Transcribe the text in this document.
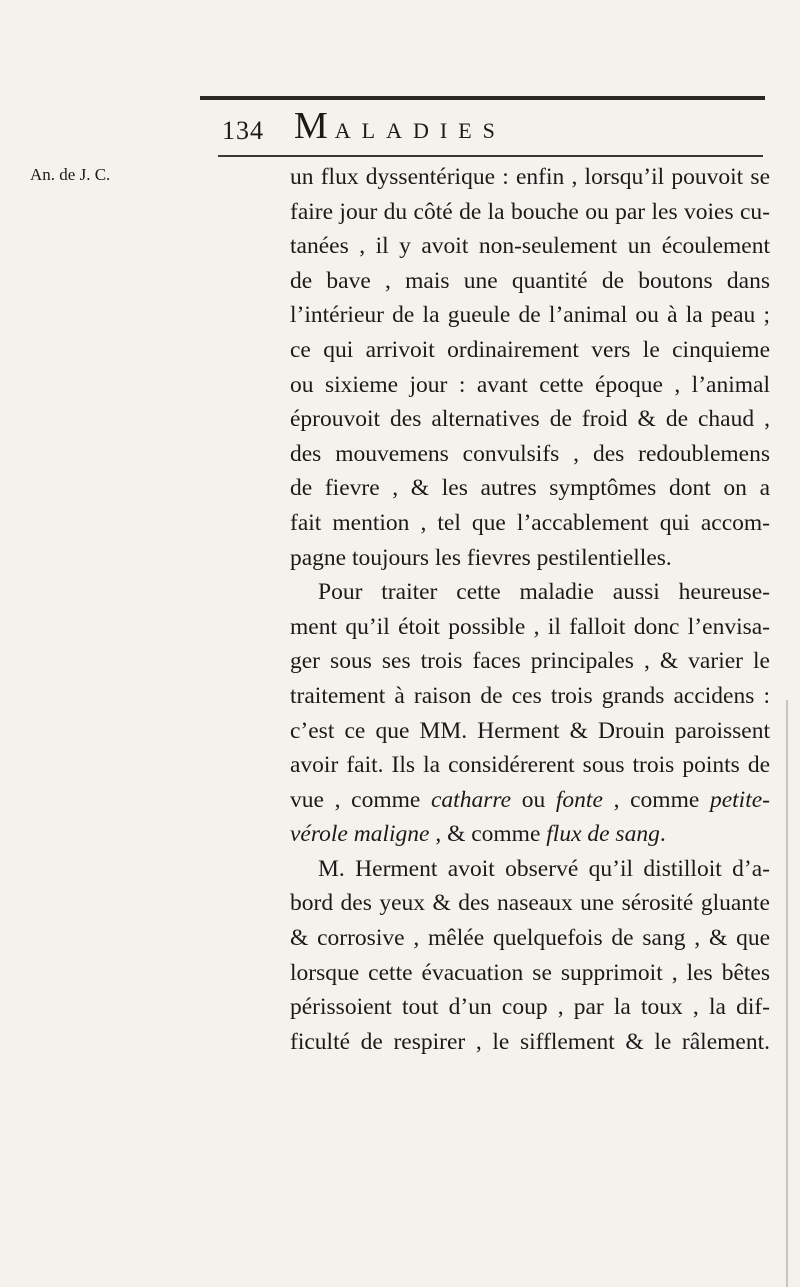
134 MALADIES
An. de J. C.	un flux dyssentérique : enfin , lorsqu’il pouvoit se
faire jour du côté de la bouche ou par les voies cu-
tanées , il y avoit non-seulement un écoulement
de bave , mais une quantité de boutons dans
l’intérieur de la gueule de l’animal ou à la peau ;
ce qui arrivoit ordinairement vers le cinquieme
ou sixieme jour : avant cette époque , l’animal
éprouvoit des alternatives de froid & de chaud ,
des mouvemens convulsifs , des redoublemens
de fievre , & les autres symptômes dont on a
fait mention , tel que l’accablement qui accom-
pagne toujours les fievres pestilentielles.
Pour traiter cette maladie aussi heureuse-
ment qu’il étoit possible , il falloit donc l’envisa-
ger sous ses trois faces principales , & varier le
traitement à raison de ces trois grands accidens :
c’est ce que MM. Herment & Drouin paroissent
avoir fait. Ils la considérerent sous trois points de
vue , comme catharre ou fonte , comme petite-
vérole maligne , & comme flux de sang.
M. Herment avoit observé qu’il distilloit d’a-
bord des yeux & des naseaux une sérosité gluante
& corrosive , mêlée quelquefois de sang , & que
lorsque cette évacuation se supprimoit , les bêtes
périssoient tout d’un coup , par la toux , la dif-
ficulté de respirer , le sifflement & le râlement.
